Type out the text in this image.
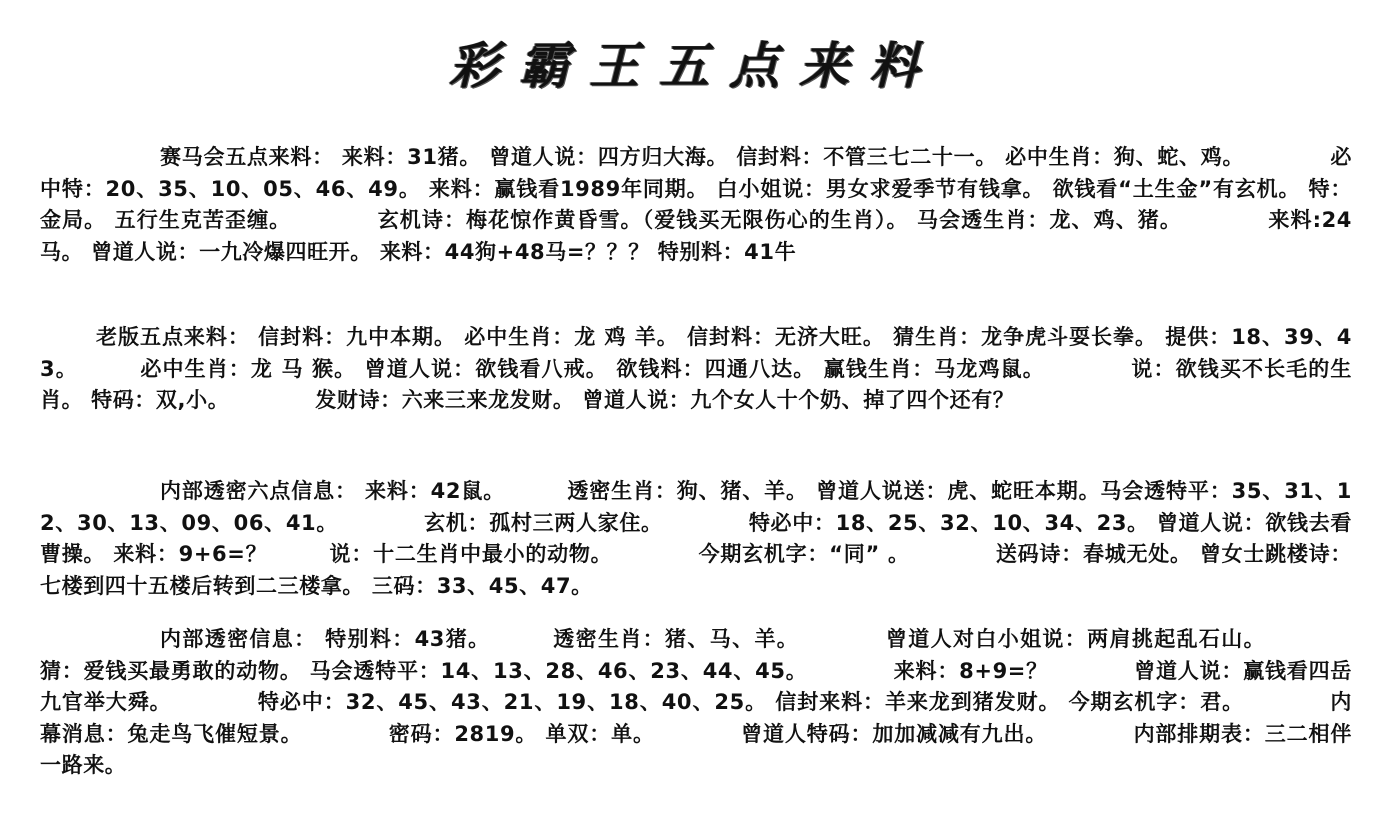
彩霸王五点来料
赛马会五点来料： 来料：31猪。 曾道人说：四方归大海。 信封料：不管三七二十一。 必中生肖：狗、蛇、鸡。	必中特：20、35、10、05、46、49。 来料：赢钱看1989年同期。 白小姐说：男女求爱季节有钱拿。 欲钱看“土生金”有玄机。 特：金局。 五行生克苦歪缠。	玄机诗：梅花惊作黄昏雪。（爱钱买无限伤心的生肖）。 马会透生肖：龙、鸡、猪。	来料:24马。 曾道人说：一九冷爆四旺开。 来料：44狗+48马=？？？ 特别料：41牛
老版五点来料： 信封料：九中本期。 必中生肖：龙 鸡 羊。 信封料：无济大旺。 猜生肖：龙争虎斗耍长拳。 提供：18、39、43。	必中生肖：龙 马 猴。 曾道人说：欲钱看八戒。 欲钱料：四通八达。 赢钱生肖：马龙鸡鼠。	说：欲钱买不长毛的生肖。 特码：双,小。	发财诗：六来三来龙发财。 曾道人说：九个女人十个奶、掉了四个还有？
内部透密六点信息： 来料：42鼠。	透密生肖：狗、猪、羊。 曾道人说送：虎、蛇旺本期。马会透特平：35、31、12、30、13、09、06、41。	玄机：孤村三两人家住。	特必中：18、25、32、10、34、23。 曾道人说：欲钱去看曹操。 来料：9+6=？	说：十二生肖中最小的动物。	今期玄机字：“同” 。	送码诗：春城无处。 曾女士跳楼诗：七楼到四十五楼后转到二三楼拿。 三码：33、45、47。
内部透密信息： 特别料：43猪。	透密生肖：猪、马、羊。	曾道人对白小姐说：两肩挑起乱石山。猜：爱钱买最勇敢的动物。 马会透特平：14、13、28、46、23、44、45。	来料：8+9=？	曾道人说：赢钱看四岳九官举大舜。	特必中：32、45、43、21、19、18、40、25。 信封来料：羊来龙到猪发财。 今期玄机字：君。	内幕消息：兔走鸟飞催短景。	密码：2819。 单双：单。	曾道人特码：加加减减有九出。	内部排期表：三二相伴一路来。
